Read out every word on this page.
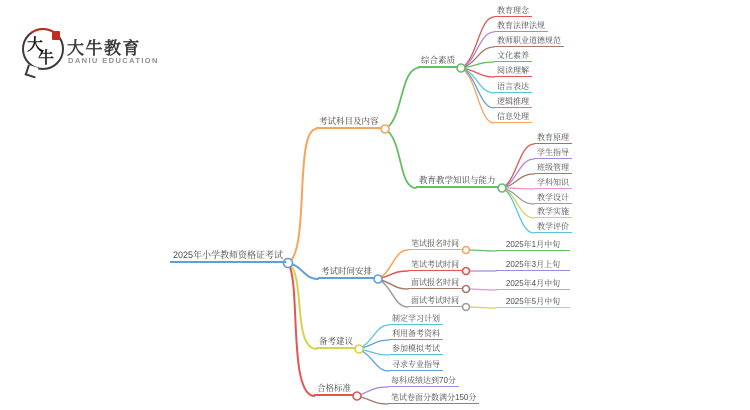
大
牛
大牛教育
DANIU EDUCATION
2025年小学教师资格证考试
考试科目及内容
综合素质
教育理念
教育法律法规
教师职业道德规范
文化素养
阅读理解
语言表达
逻辑推理
信息处理
教育教学知识与能力
教育原理
学生指导
班级管理
学科知识
教学设计
教学实施
教学评价
考试时间安排
笔试报名时间
笔试考试时间
面试报名时间
面试考试时间
2025年1月中旬
2025年3月上旬
2025年4月中旬
2025年5月中旬
备考建议
制定学习计划
利用备考资料
参加模拟考试
寻求专业指导
合格标准
每科成绩达到70分
笔试卷面分数满分150分
